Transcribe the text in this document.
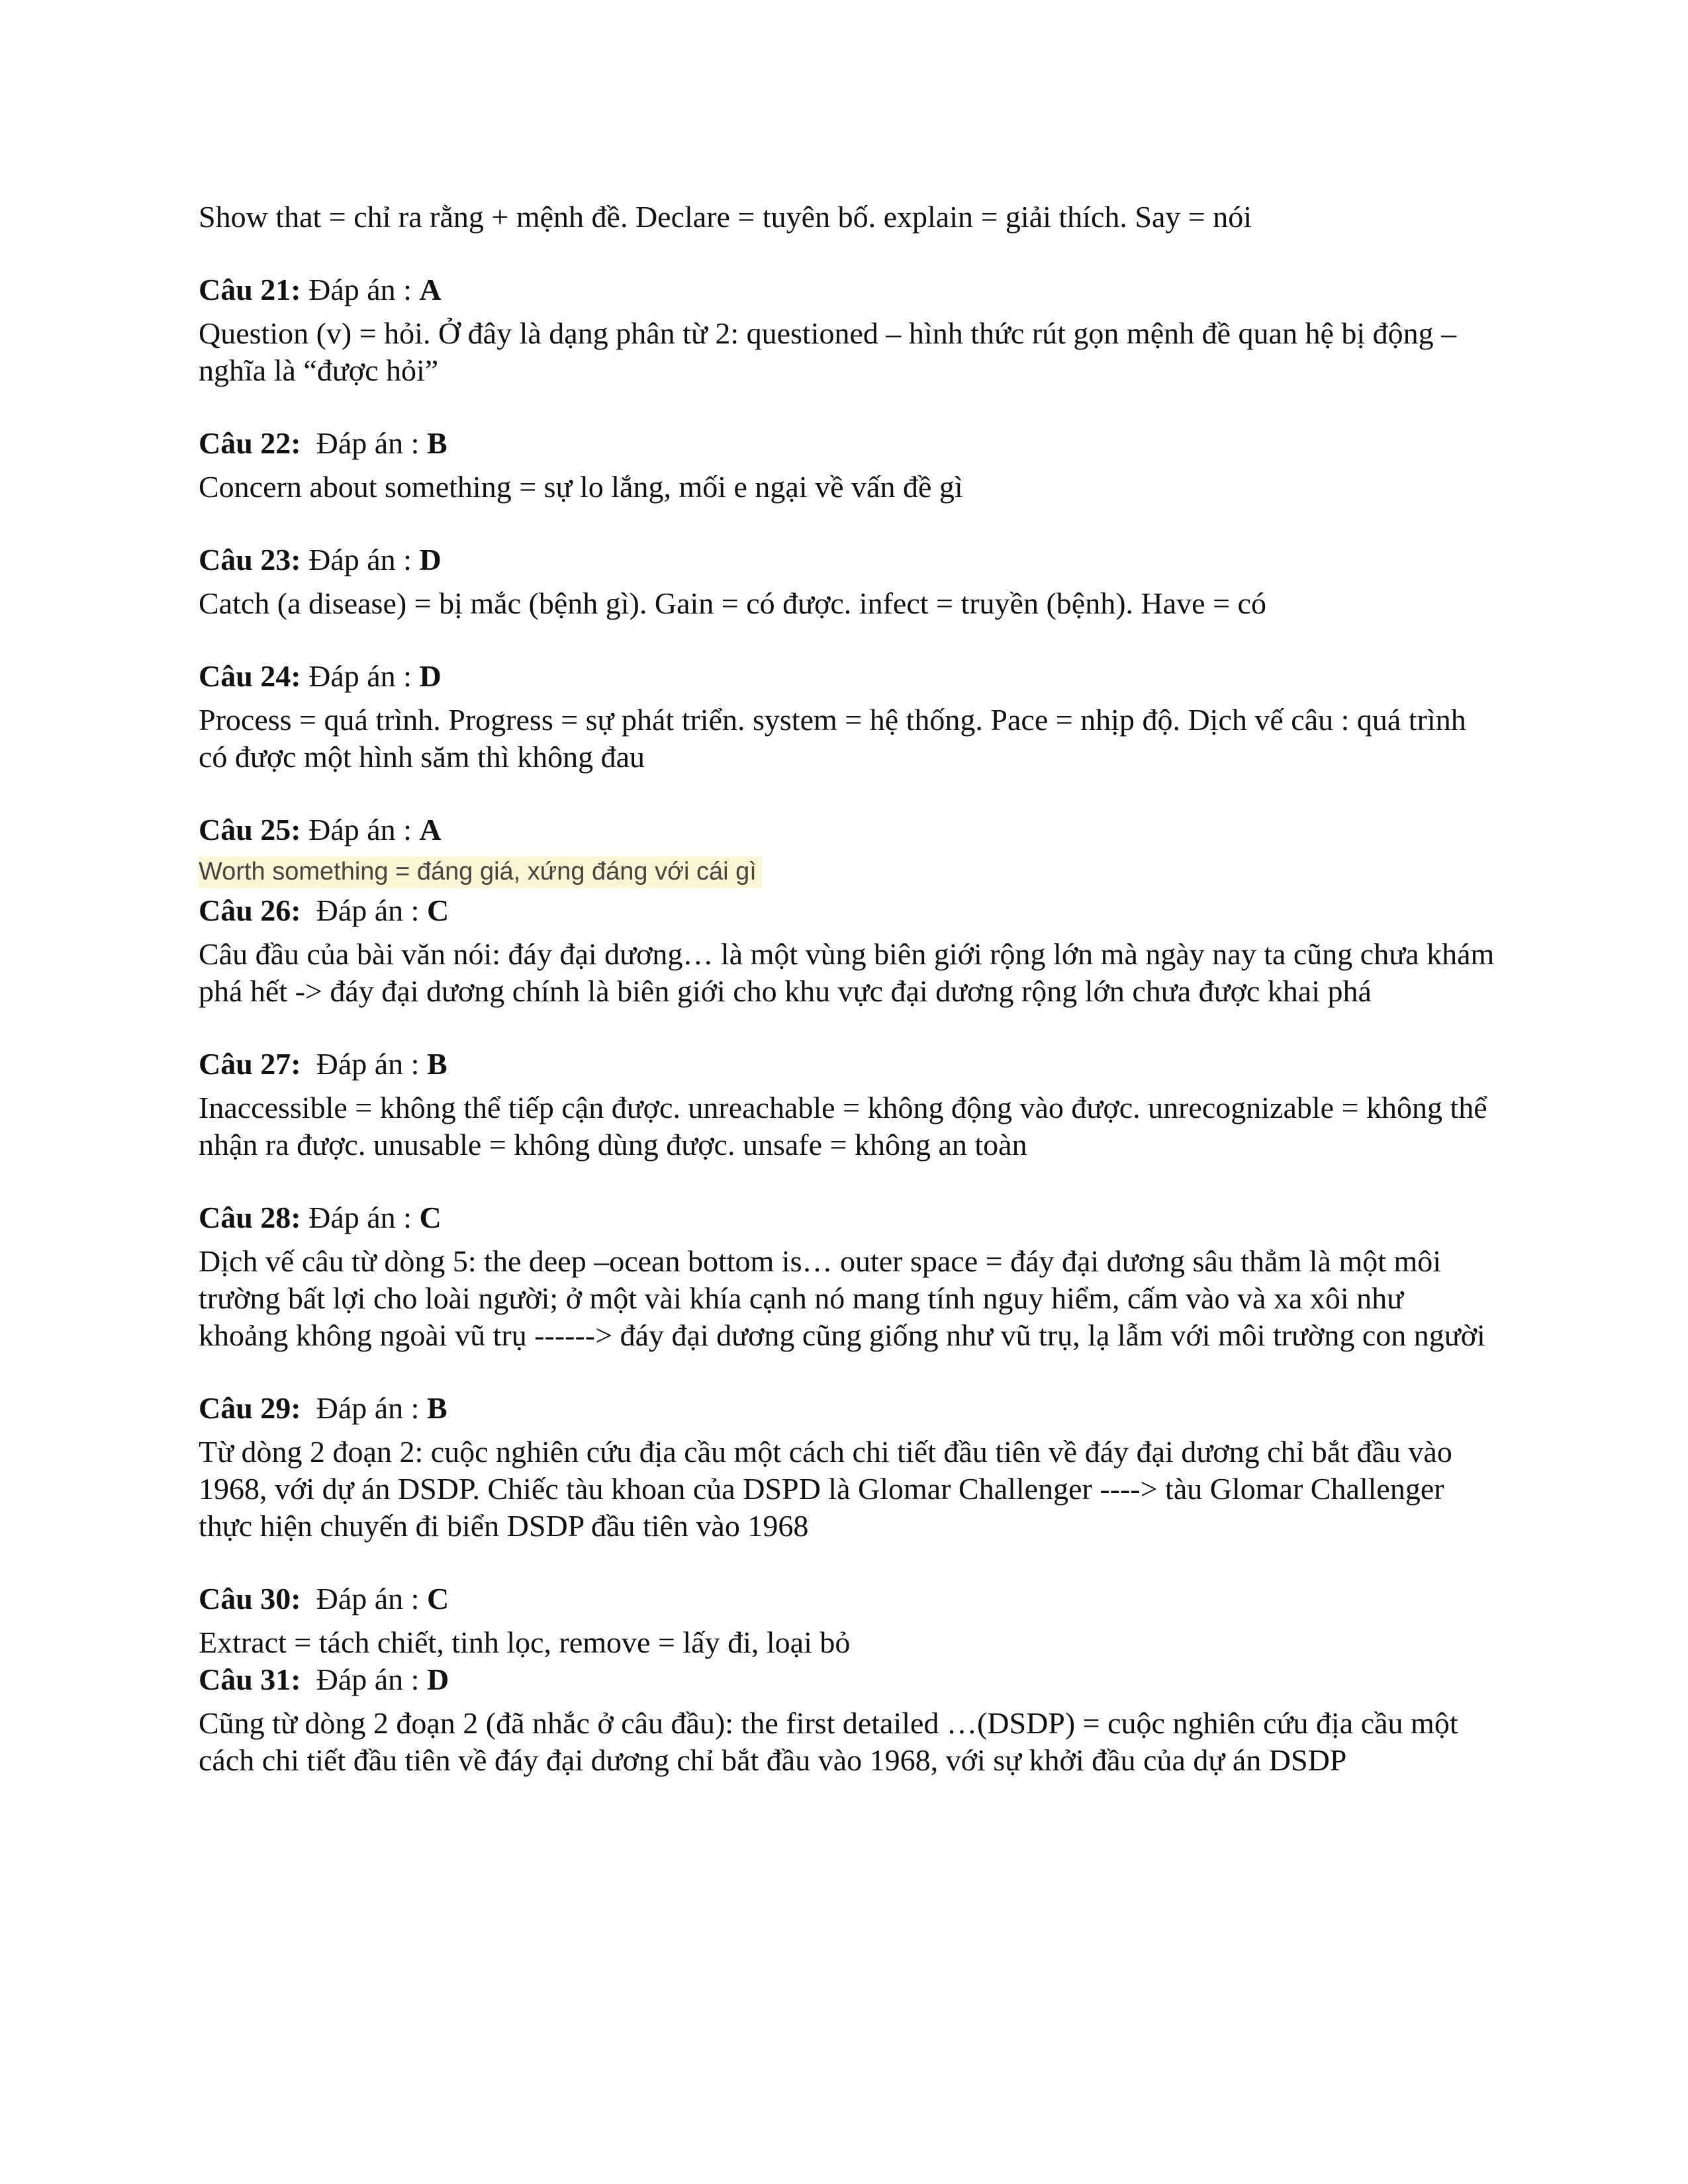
Show that = chỉ ra rằng + mệnh đề. Declare = tuyên bố. explain = giải thích. Say = nói

Câu 21: Đáp án : A

Question (v) = hỏi. Ở đây là dạng phân từ 2: questioned – hình thức rút gọn mệnh đề quan hệ bị động – nghĩa là “được hỏi”

Câu 22:  Đáp án : B

Concern about something = sự lo lắng, mối e ngại về vấn đề gì

Câu 23: Đáp án : D

Catch (a disease) = bị mắc (bệnh gì). Gain = có được. infect = truyền (bệnh). Have = có

Câu 24: Đáp án : D

Process = quá trình. Progress = sự phát triển. system = hệ thống. Pace = nhịp độ. Dịch vế câu : quá trình có được một hình săm thì không đau

Câu 25: Đáp án : A

Worth something = đáng giá, xứng đáng với cái gì

Câu 26:  Đáp án : C

Câu đầu của bài văn nói: đáy đại dương… là một vùng biên giới rộng lớn mà ngày nay ta cũng chưa khám phá hết -> đáy đại dương chính là biên giới cho khu vực đại dương rộng lớn chưa được khai phá

Câu 27:  Đáp án : B

Inaccessible = không thể tiếp cận được. unreachable = không động vào được. unrecognizable = không thể nhận ra được. unusable = không dùng được. unsafe = không an toàn

Câu 28: Đáp án : C

Dịch vế câu từ dòng 5: the deep –ocean bottom is… outer space = đáy đại dương sâu thẳm là một môi trường bất lợi cho loài người; ở một vài khía cạnh nó mang tính nguy hiểm, cấm vào và xa xôi như khoảng không ngoài vũ trụ ------> đáy đại dương cũng giống như vũ trụ, lạ lẫm với môi trường con người

Câu 29:  Đáp án : B

Từ dòng 2 đoạn 2: cuộc nghiên cứu địa cầu một cách chi tiết đầu tiên về đáy đại dương chỉ bắt đầu vào 1968, với dự án DSDP. Chiếc tàu khoan của DSPD là Glomar Challenger ----> tàu Glomar Challenger thực hiện chuyến đi biển DSDP đầu tiên vào 1968

Câu 30:  Đáp án : C

Extract = tách chiết, tinh lọc, remove = lấy đi, loại bỏ

Câu 31:  Đáp án : D

Cũng từ dòng 2 đoạn 2 (đã nhắc ở câu đầu): the first detailed …(DSDP) = cuộc nghiên cứu địa cầu một cách chi tiết đầu tiên về đáy đại dương chỉ bắt đầu vào 1968, với sự khởi đầu của dự án DSDP
